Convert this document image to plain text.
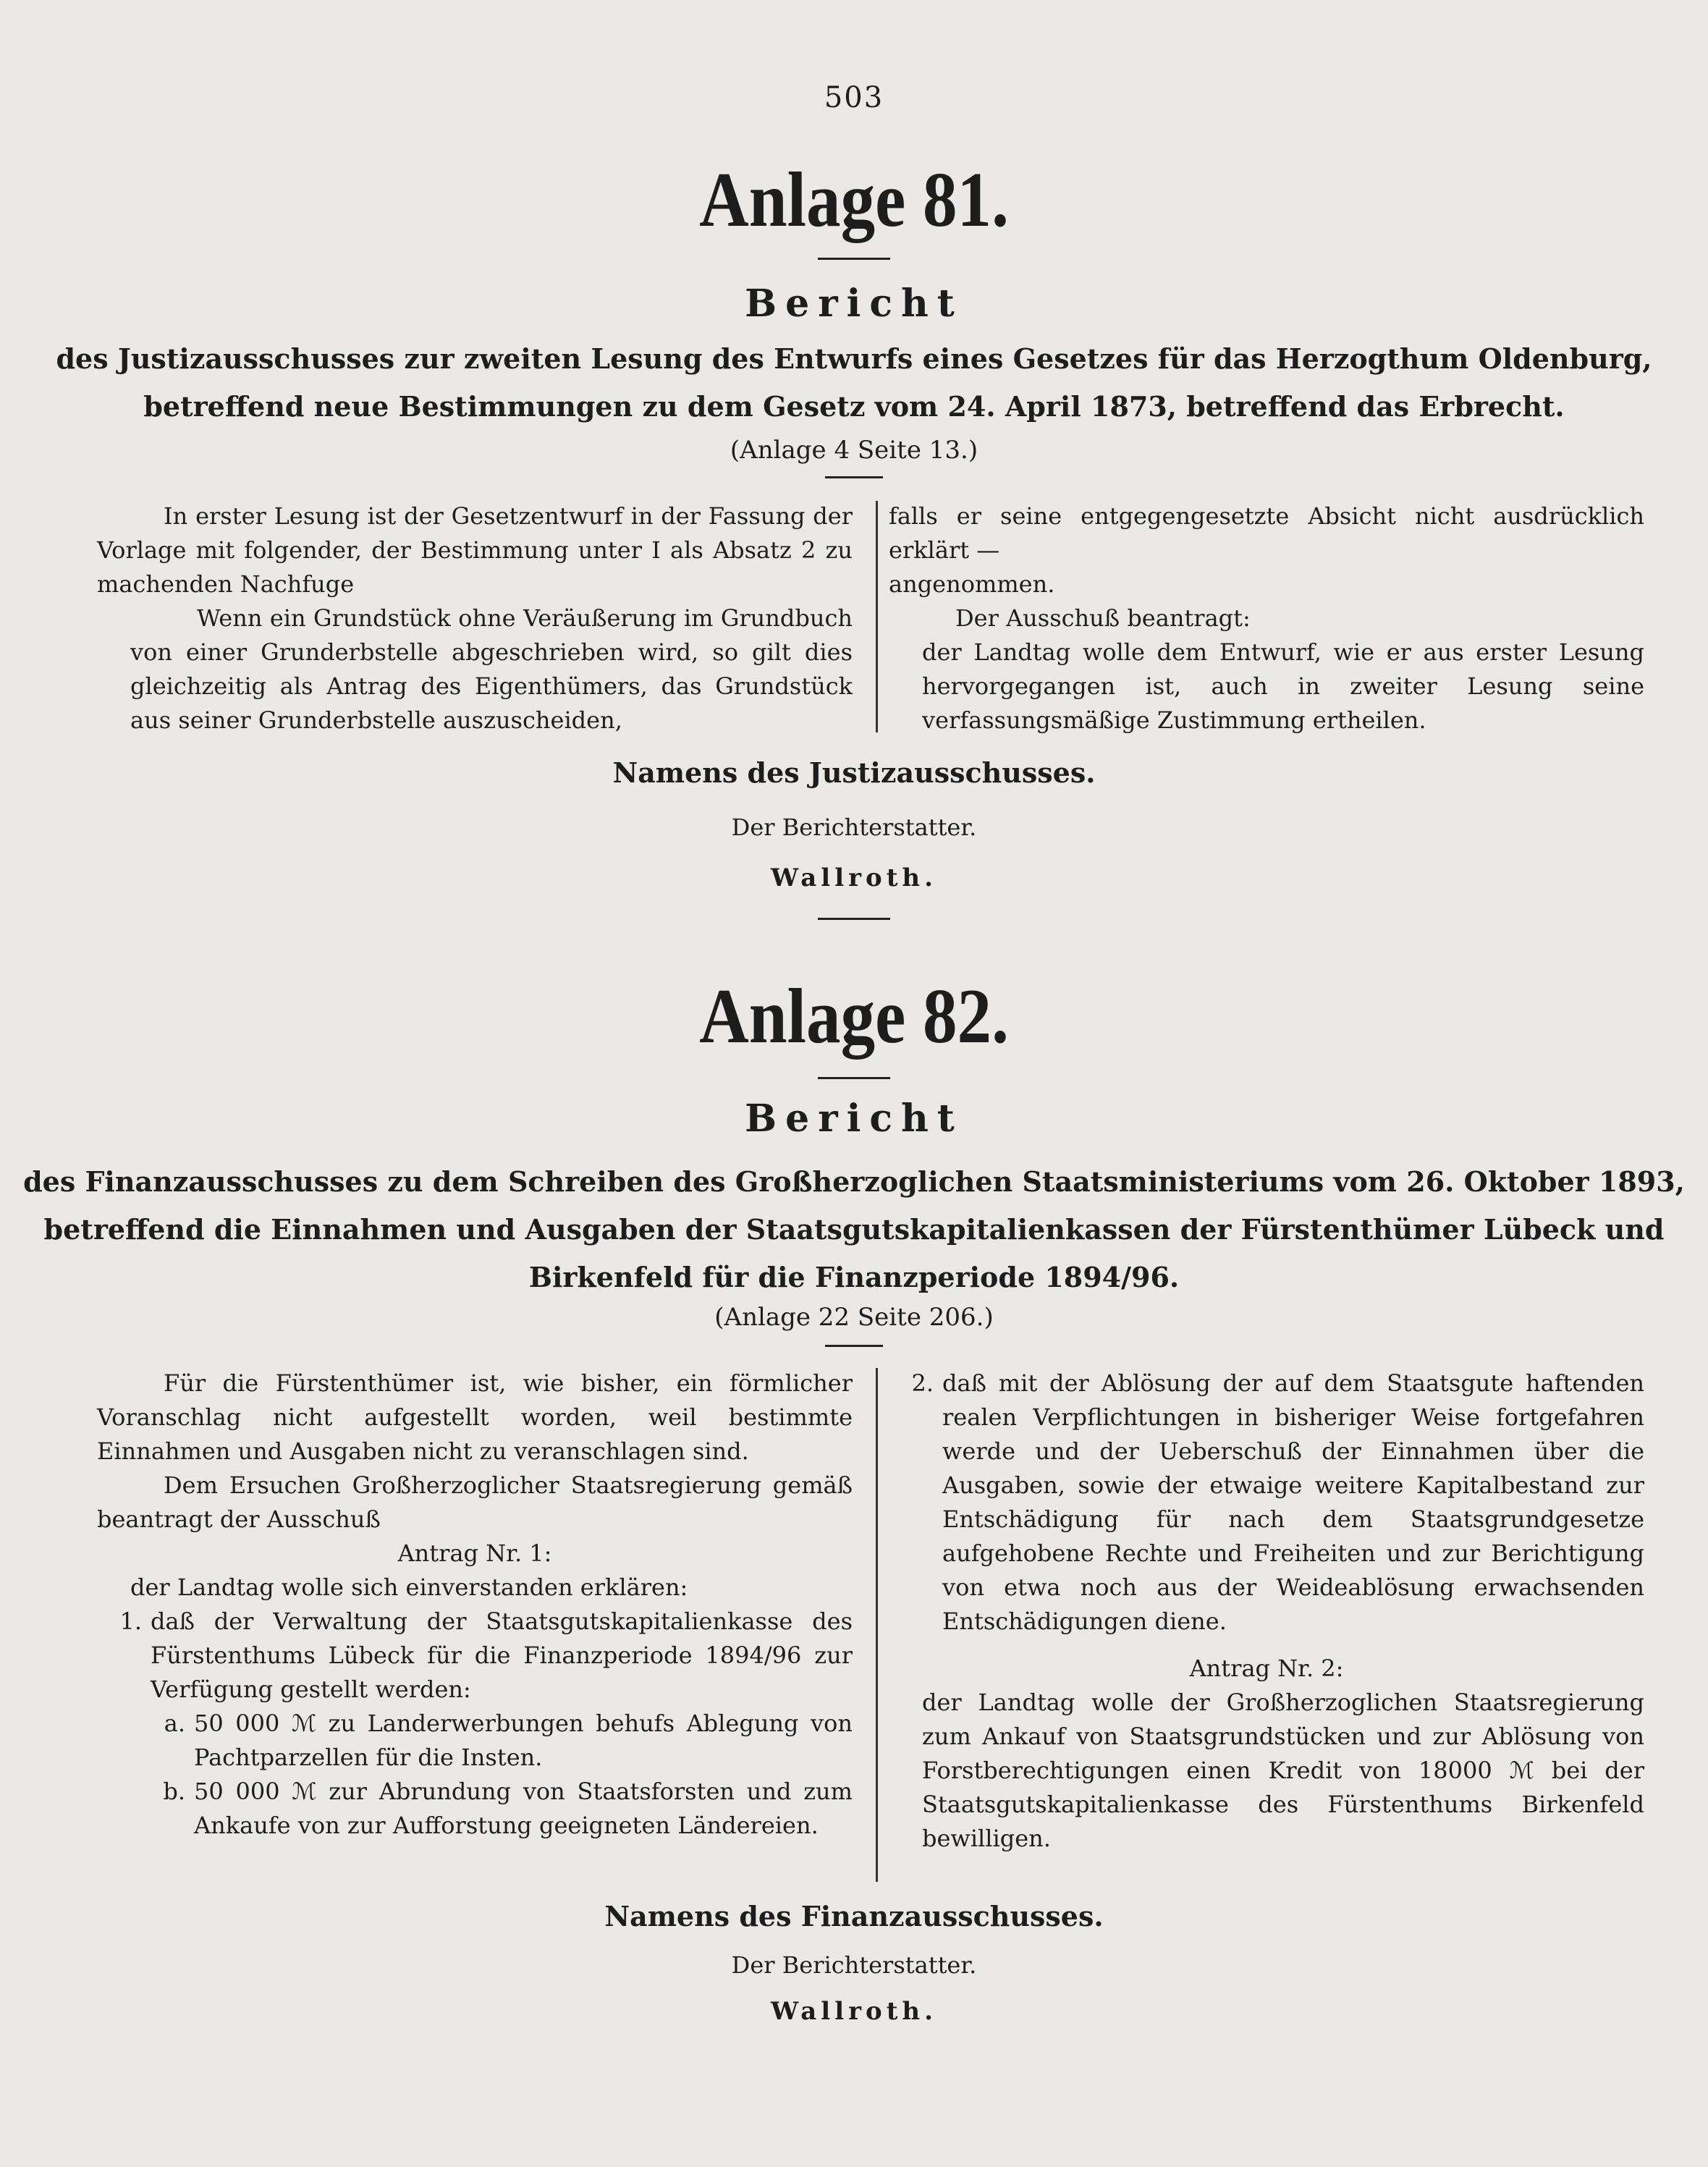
503
Anlage 81.
Bericht
des Justizausschusses zur zweiten Lesung des Entwurfs eines Gesetzes für das Herzogthum Oldenburg,
betreffend neue Bestimmungen zu dem Gesetz vom 24. April 1873, betreffend das Erbrecht.
(Anlage 4 Seite 13.)

In erster Lesung ist der Gesetzentwurf in der Fassung der Vorlage mit folgender, der Bestimmung unter I als Absatz 2 zu machenden Nachfuge

Wenn ein Grundstück ohne Veräußerung im Grundbuch von einer Grunderbstelle abgeschrieben wird, so gilt dies gleichzeitig als Antrag des Eigenthümers, das Grundstück aus seiner Grunderbstelle auszuscheiden,

falls er seine entgegengesetzte Absicht nicht ausdrücklich erklärt —

angenommen.

Der Ausschuß beantragt:

der Landtag wolle dem Entwurf, wie er aus erster Lesung hervorgegangen ist, auch in zweiter Lesung seine verfassungsmäßige Zustimmung ertheilen.

Namens des Justizausschusses.
Der Berichterstatter.
Wallroth.
Anlage 82.
Bericht
des Finanzausschusses zu dem Schreiben des Großherzoglichen Staatsministeriums vom 26. Oktober 1893,
betreffend die Einnahmen und Ausgaben der Staatsgutskapitalienkassen der Fürstenthümer Lübeck und
Birkenfeld für die Finanzperiode 1894/96.
(Anlage 22 Seite 206.)

Für die Fürstenthümer ist, wie bisher, ein förmlicher Voranschlag nicht aufgestellt worden, weil bestimmte Einnahmen und Ausgaben nicht zu veranschlagen sind.

Dem Ersuchen Großherzoglicher Staatsregierung gemäß beantragt der Ausschuß

Antrag Nr. 1:

der Landtag wolle sich einverstanden erklären:

1. daß der Verwaltung der Staatsgutskapitalienkasse des Fürstenthums Lübeck für die Finanzperiode 1894/96 zur Verfügung gestellt werden:
a. 50 000 ℳ zu Landerwerbungen behufs Ablegung von Pachtparzellen für die Insten.
b. 50 000 ℳ zur Abrundung von Staatsforsten und zum Ankaufe von zur Aufforstung geeigneten Ländereien.
2. daß mit der Ablösung der auf dem Staatsgute haftenden realen Verpflichtungen in bisheriger Weise fortgefahren werde und der Ueberschuß der Einnahmen über die Ausgaben, sowie der etwaige weitere Kapitalbestand zur Entschädigung für nach dem Staatsgrundgesetze aufgehobene Rechte und Freiheiten und zur Berichtigung von etwa noch aus der Weideablösung erwachsenden Entschädigungen diene.

Antrag Nr. 2:

der Landtag wolle der Großherzoglichen Staatsregierung zum Ankauf von Staatsgrundstücken und zur Ablösung von Forstberechtigungen einen Kredit von 18000 ℳ bei der Staatsgutskapitalienkasse des Fürstenthums Birkenfeld bewilligen.

Namens des Finanzausschusses.
Der Berichterstatter.
Wallroth.
